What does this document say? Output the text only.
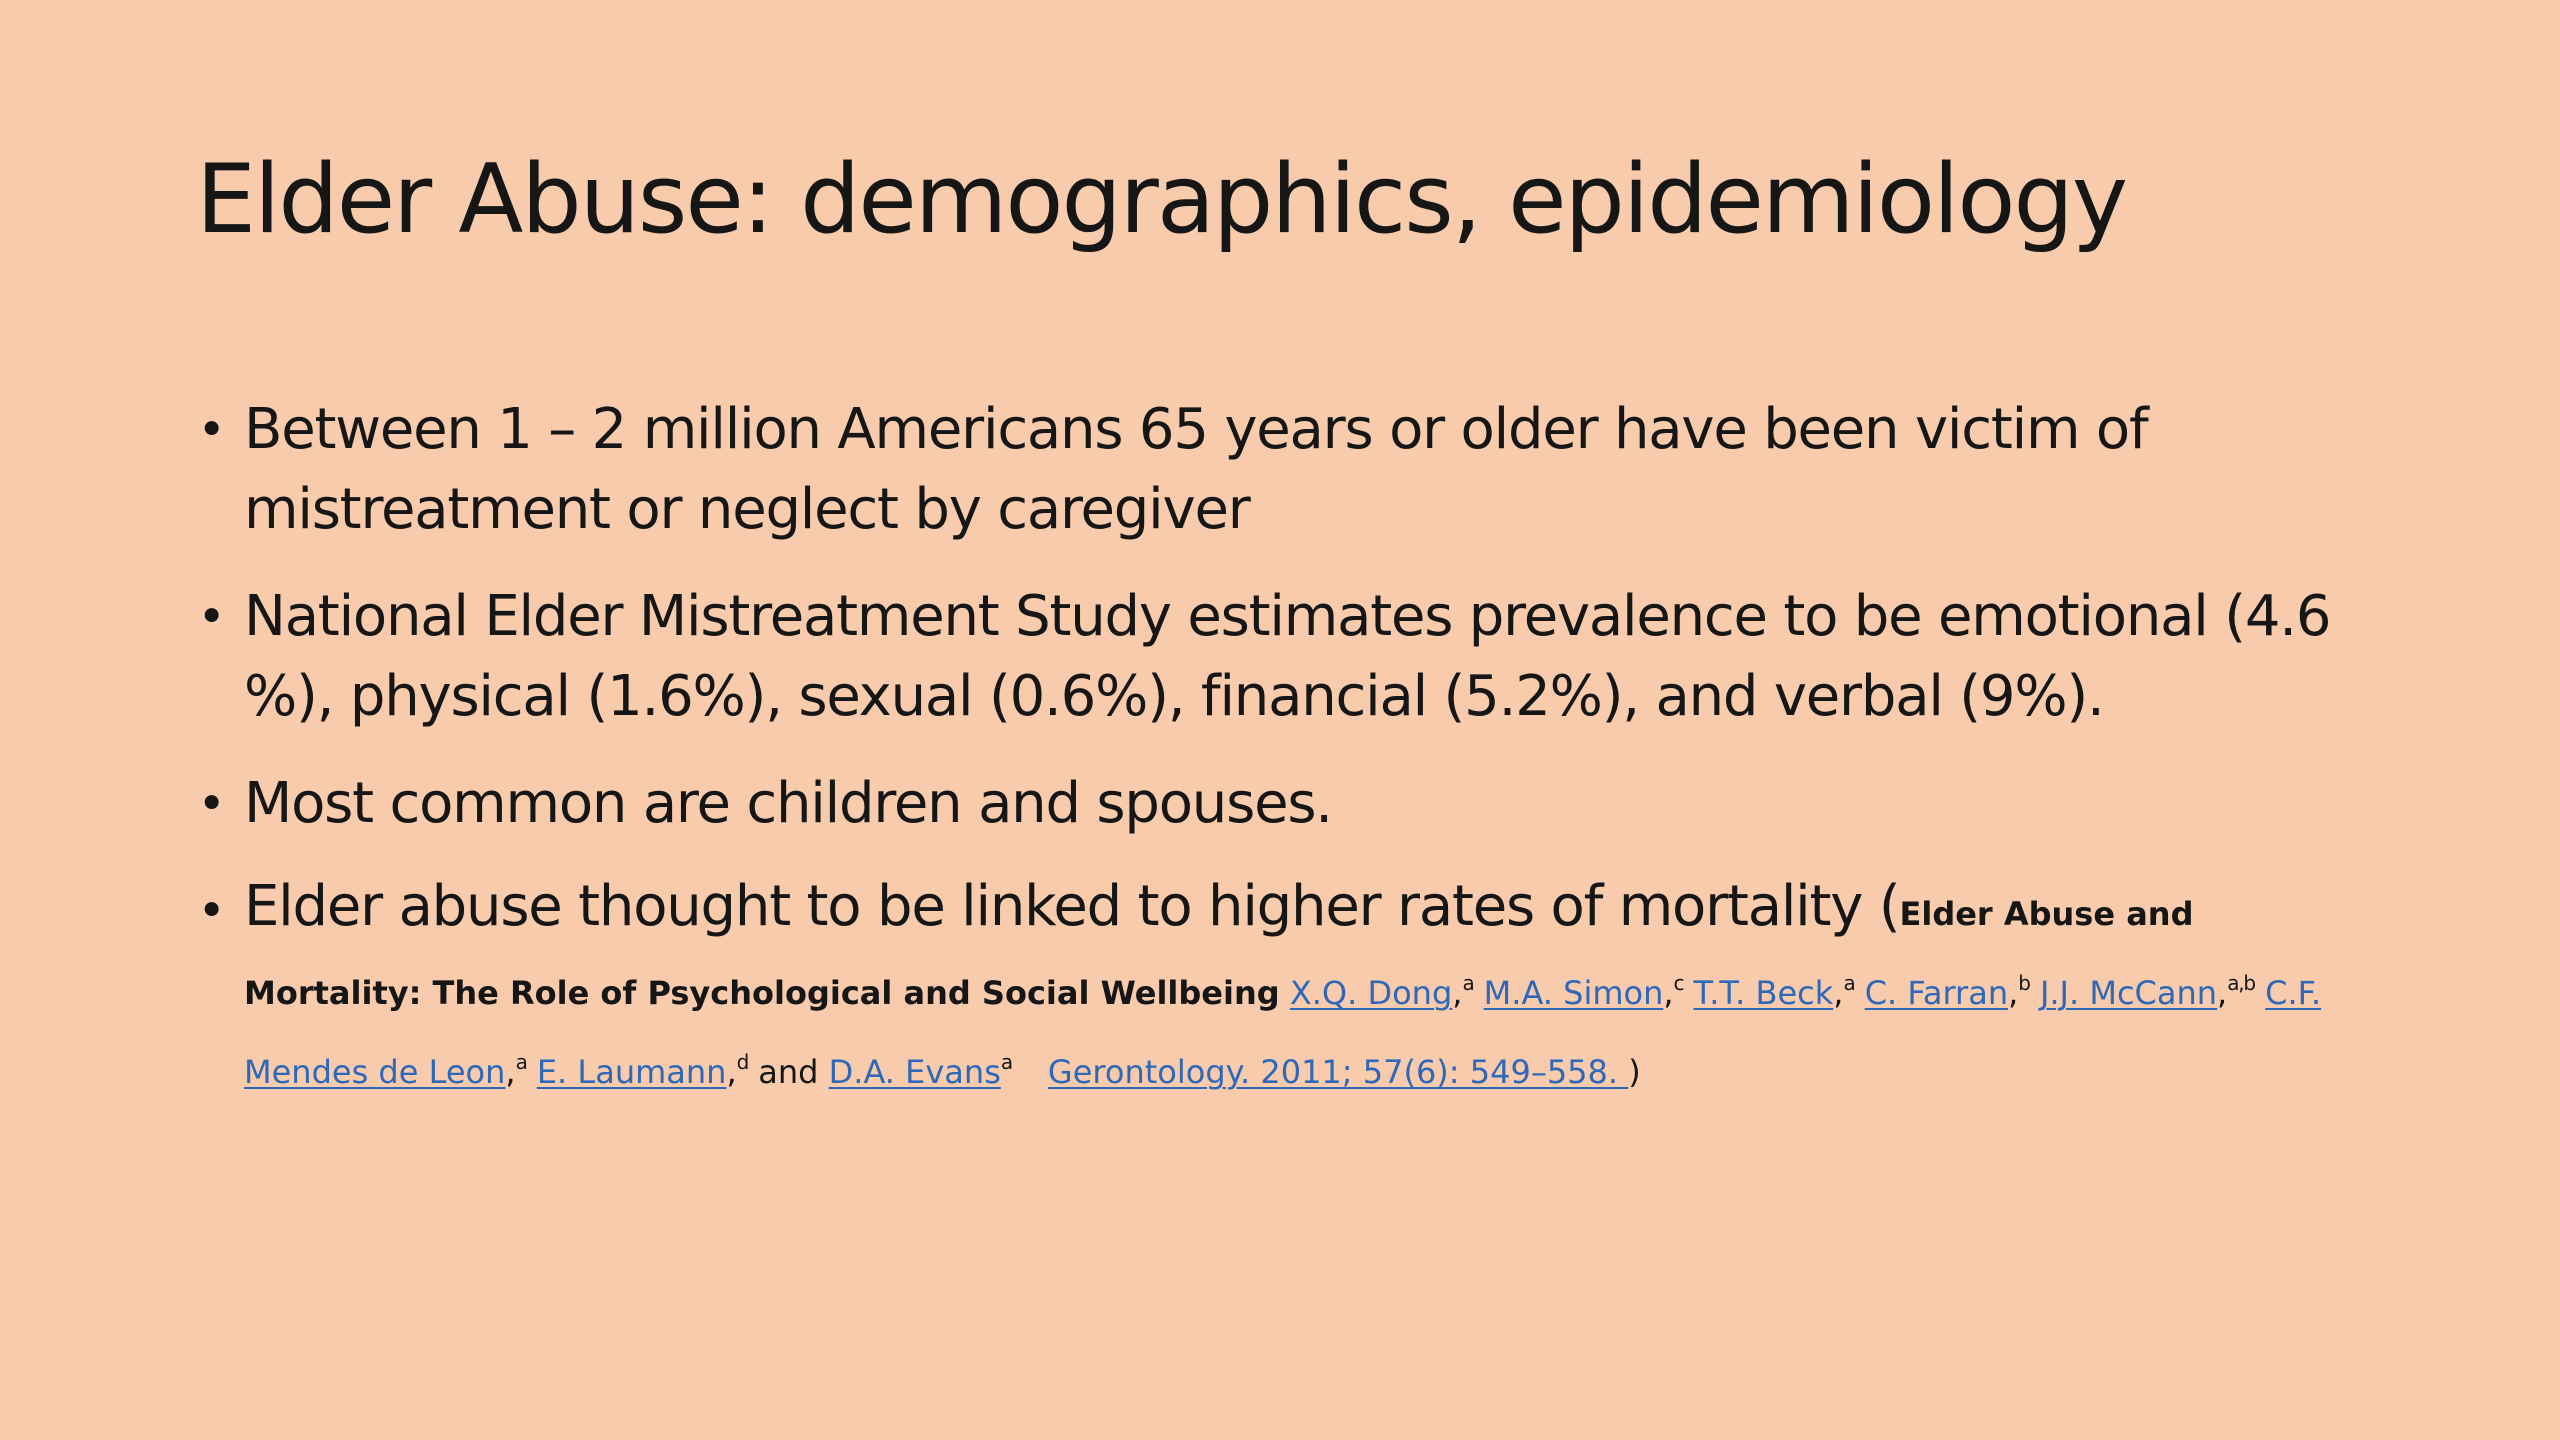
Elder Abuse: demographics, epidemiology
• Between 1 – 2 million Americans 65 years or older have been victim of mistreatment or neglect by caregiver
• National Elder Mistreatment Study estimates prevalence to be emotional (4.6 %), physical (1.6%), sexual (0.6%), financial (5.2%), and verbal (9%).
• Most common are children and spouses.
• Elder abuse thought to be linked to higher rates of mortality (Elder Abuse and Mortality: The Role of Psychological and Social Wellbeing X.Q. Dong,$^a$ M.A. Simon,$^c$ T.T. Beck,$^a$ C. Farran,$^b$ J.J. McCann,$^{a,b}$ C.F. Mendes de Leon,$^a$ E. Laumann,$^d$ and D.A. Evans$^a$ Gerontology. 2011; 57(6): 549–558. )
